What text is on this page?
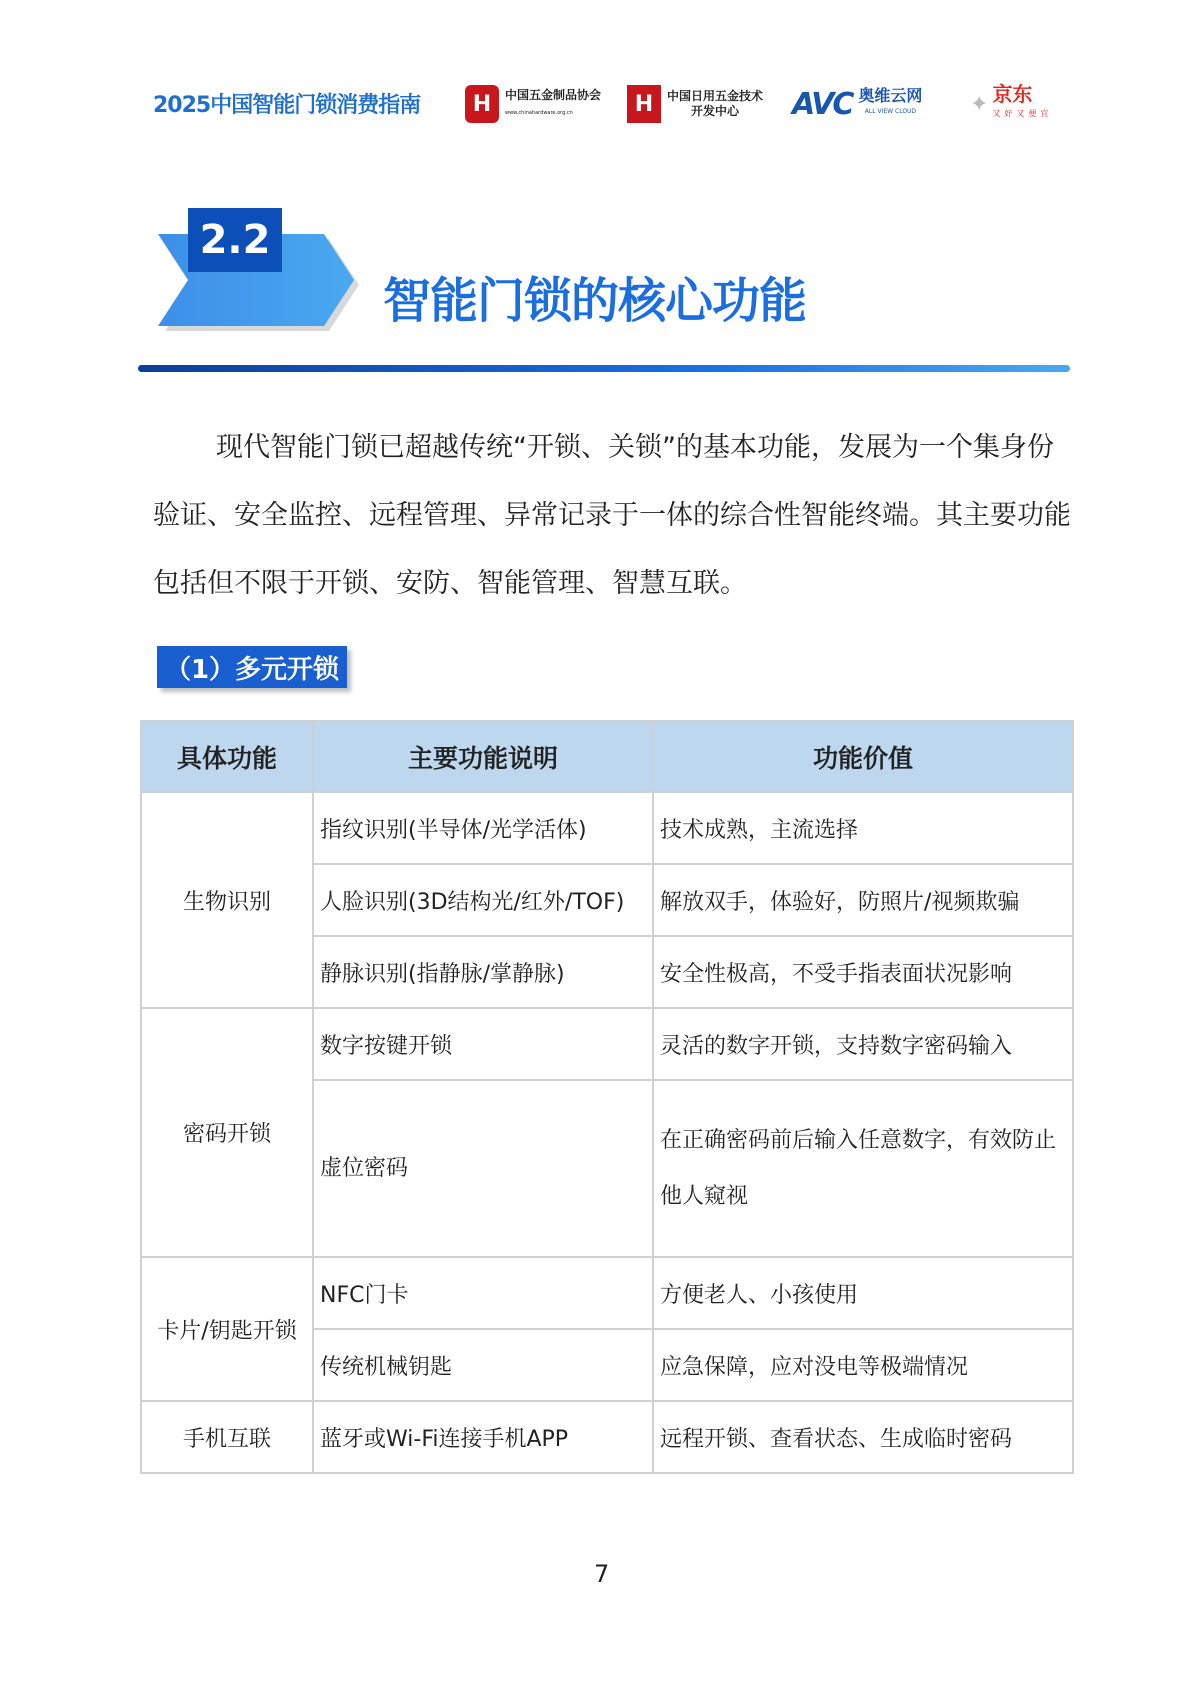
2025中国智能门锁消费指南	H	中国五金制品协会
www.chinahardware.org.cn	H	中国日用五金技术
开发中心	AVC 奥维云网
ALL VIEW CLOUD ✦ 京东
又好又便宜
2.2
智能门锁的核心功能

现代智能门锁已超越传统“开锁、关锁”的基本功能，发展为一个集身份验证、安全监控、远程管理、异常记录于一体的综合性智能终端。其主要功能包括但不限于开锁、安防、智能管理、智慧互联。

（1）多元开锁
具体功能	主要功能说明	功能价值
生物识别	指纹识别(半导体/光学活体)	技术成熟，主流选择
	人脸识别(3D结构光/红外/TOF)	解放双手，体验好，防照片/视频欺骗
	静脉识别(指静脉/掌静脉)	安全性极高，不受手指表面状况影响
密码开锁	数字按键开锁	灵活的数字开锁，支持数字密码输入
	虚位密码	在正确密码前后输入任意数字，有效防止他人窥视
卡片/钥匙开锁	NFC门卡	方便老人、小孩使用
	传统机械钥匙	应急保障，应对没电等极端情况
手机互联	蓝牙或Wi-Fi连接手机APP	远程开锁、查看状态、生成临时密码
7
